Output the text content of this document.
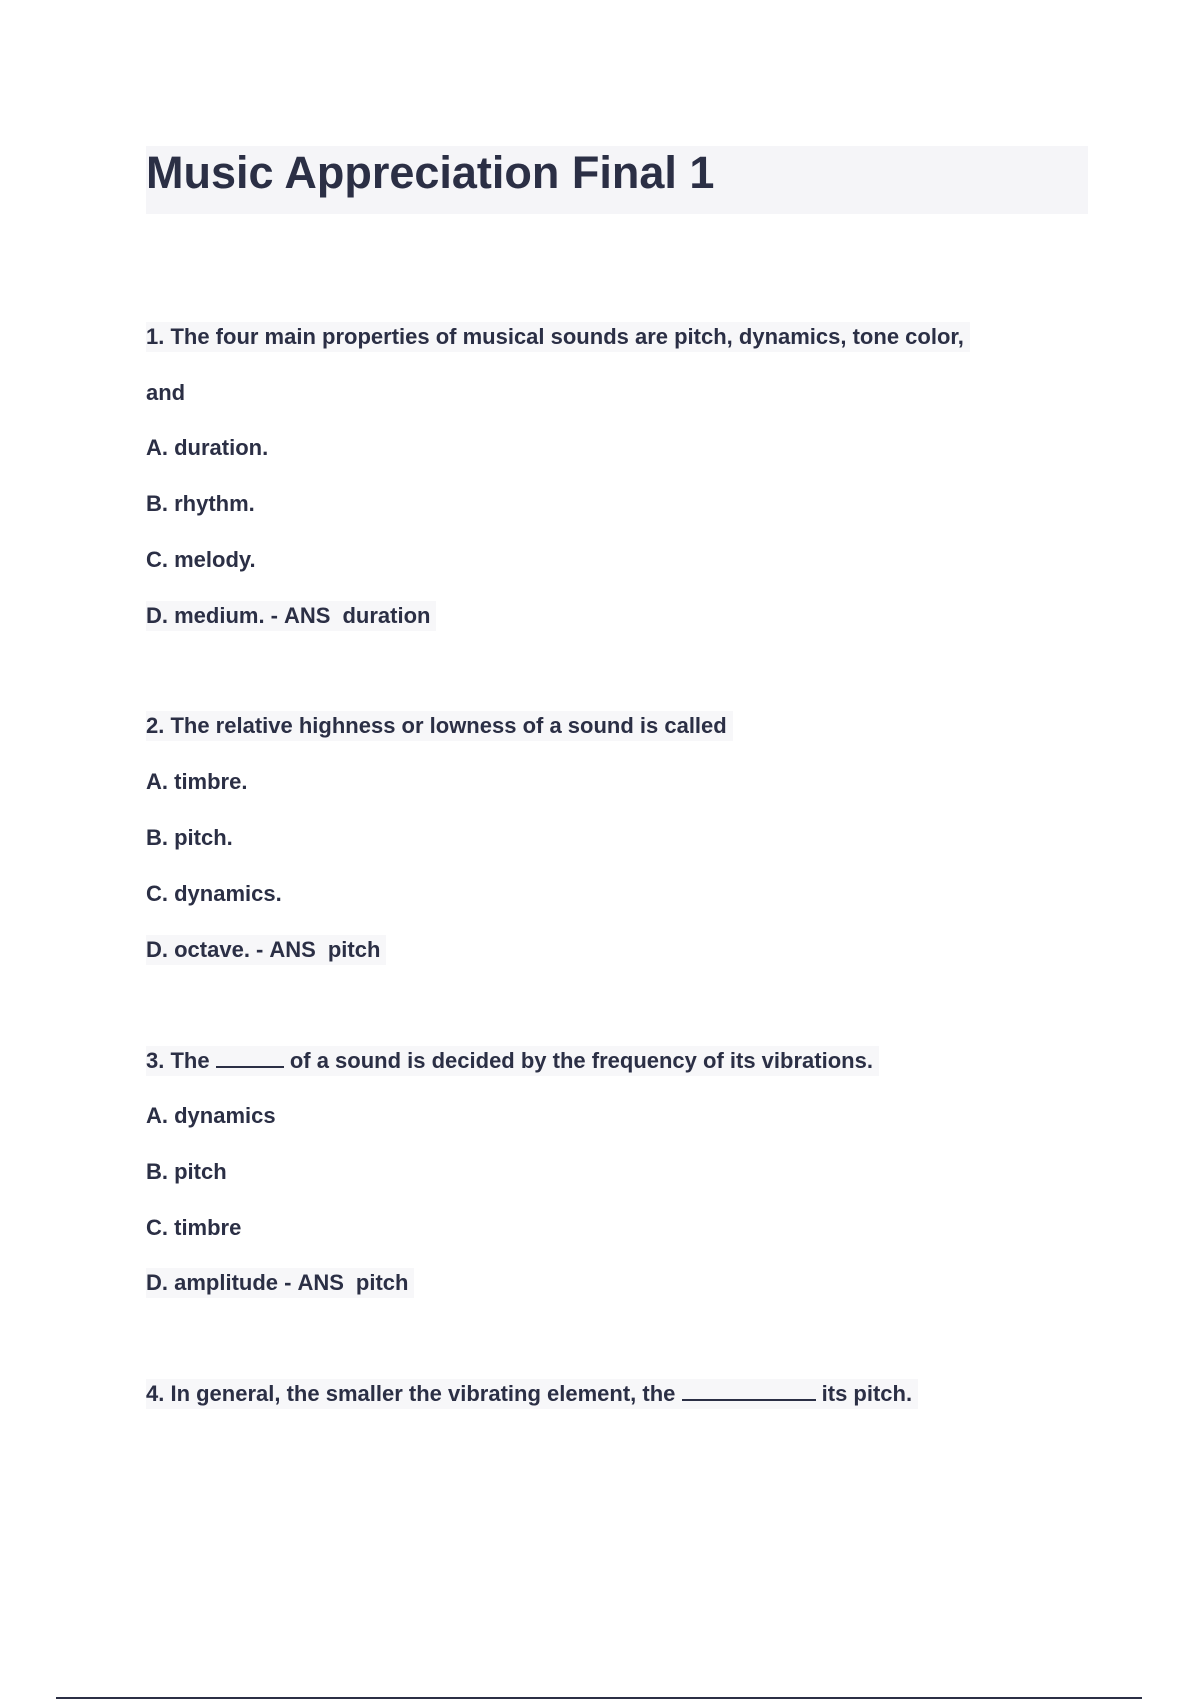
Music Appreciation Final 1
1. The four main properties of musical sounds are pitch, dynamics, tone color,
and
A. duration.
B. rhythm.
C. melody.
D. medium. - ANS duration
2. The relative highness or lowness of a sound is called
A. timbre.
B. pitch.
C. dynamics.
D. octave. - ANS pitch
3. The	of a sound is decided by the frequency of its vibrations.
A. dynamics
B. pitch
C. timbre
D. amplitude - ANS pitch
4. In general, the smaller the vibrating element, the	its pitch.
